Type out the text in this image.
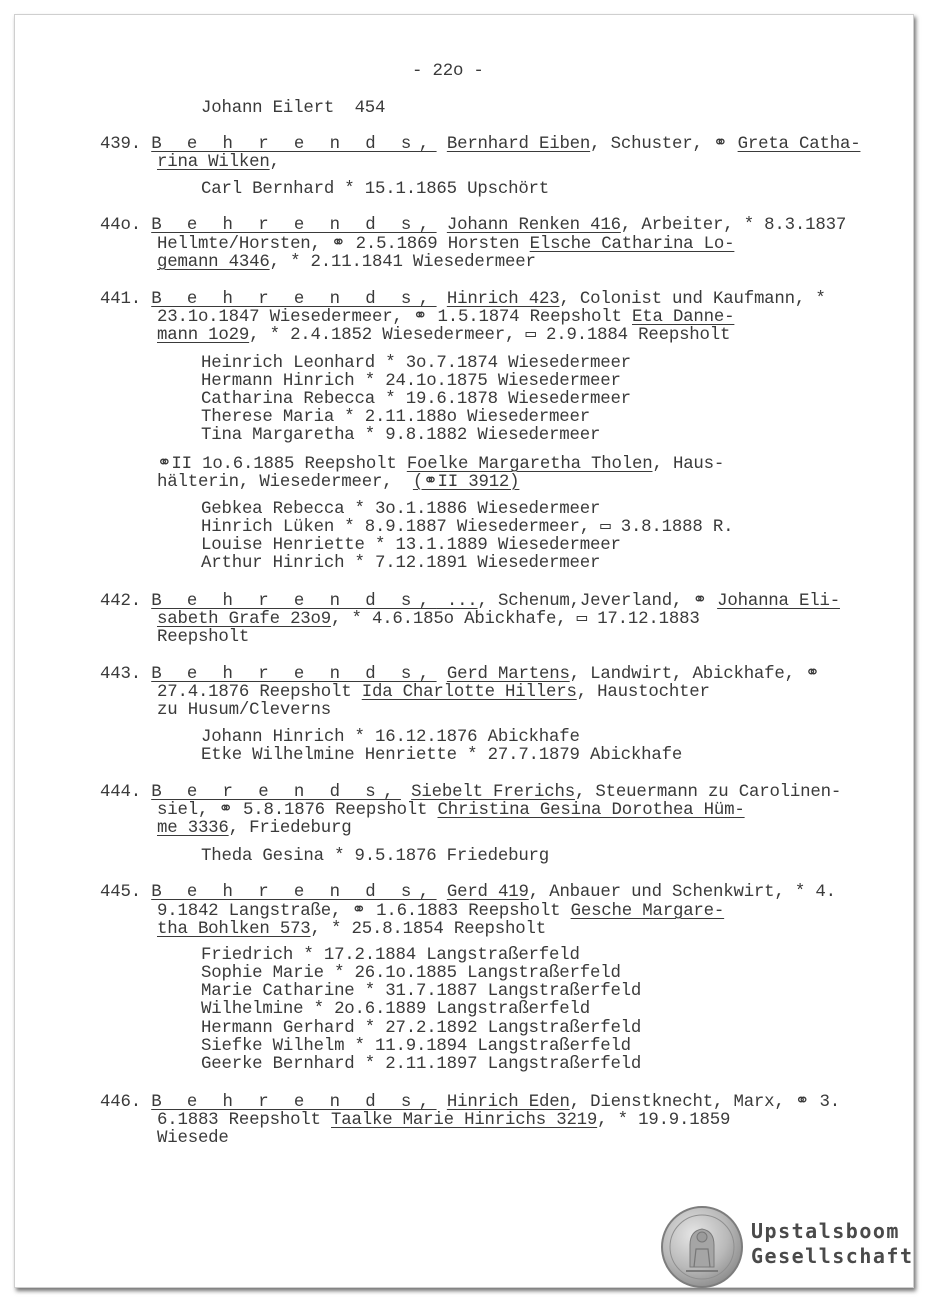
- 22o -
Johann Eilert 454
439. B e h r e n d s, Bernhard Eiben, Schuster, ⚭ Greta Catha-
rina Wilken,
Carl Bernhard * 15.1.1865 Upschört
44o. B e h r e n d s, Johann Renken 416, Arbeiter, * 8.3.1837
Hellmte/Horsten, ⚭ 2.5.1869 Horsten Elsche Catharina Lo-
gemann 4346, * 2.11.1841 Wiesedermeer
441. B e h r e n d s, Hinrich 423, Colonist und Kaufmann, *
23.1o.1847 Wiesedermeer, ⚭ 1.5.1874 Reepsholt Eta Danne-
mann 1o29, * 2.4.1852 Wiesedermeer, ▭ 2.9.1884 Reepsholt
Heinrich Leonhard * 3o.7.1874 Wiesedermeer
Hermann Hinrich * 24.1o.1875 Wiesedermeer
Catharina Rebecca * 19.6.1878 Wiesedermeer
Therese Maria * 2.11.188o Wiesedermeer
Tina Margaretha * 9.8.1882 Wiesedermeer
⚭II 1o.6.1885 Reepsholt Foelke Margaretha Tholen, Haus-
hälterin, Wiesedermeer,  (⚭II 3912)
Gebkea Rebecca * 3o.1.1886 Wiesedermeer
Hinrich Lüken * 8.9.1887 Wiesedermeer, ▭ 3.8.1888 R.
Louise Henriette * 13.1.1889 Wiesedermeer
Arthur Hinrich * 7.12.1891 Wiesedermeer
442. B e h r e n d s, ..., Schenum,Jeverland, ⚭ Johanna Eli-
sabeth Grafe 23o9, * 4.6.185o Abickhafe, ▭ 17.12.1883
Reepsholt
443. B e h r e n d s, Gerd Martens, Landwirt, Abickhafe, ⚭
27.4.1876 Reepsholt Ida Charlotte Hillers, Haustochter
zu Husum/Cleverns
Johann Hinrich * 16.12.1876 Abickhafe
Etke Wilhelmine Henriette * 27.7.1879 Abickhafe
444. B e r e n d s, Siebelt Frerichs, Steuermann zu Carolinen-
siel, ⚭ 5.8.1876 Reepsholt Christina Gesina Dorothea Hüm-
me 3336, Friedeburg
Theda Gesina * 9.5.1876 Friedeburg
445. B e h r e n d s, Gerd 419, Anbauer und Schenkwirt, * 4.
9.1842 Langstraße, ⚭ 1.6.1883 Reepsholt Gesche Margare-
tha Bohlken 573, * 25.8.1854 Reepsholt
Friedrich * 17.2.1884 Langstraßerfeld
Sophie Marie * 26.1o.1885 Langstraßerfeld
Marie Catharine * 31.7.1887 Langstraßerfeld
Wilhelmine * 2o.6.1889 Langstraßerfeld
Hermann Gerhard * 27.2.1892 Langstraßerfeld
Siefke Wilhelm * 11.9.1894 Langstraßerfeld
Geerke Bernhard * 2.11.1897 Langstraßerfeld
446. B e h r e n d s, Hinrich Eden, Dienstknecht, Marx, ⚭ 3.
6.1883 Reepsholt Taalke Marie Hinrichs 3219, * 19.9.1859
Wiesede
Upstalsboom
Gesellschaft
